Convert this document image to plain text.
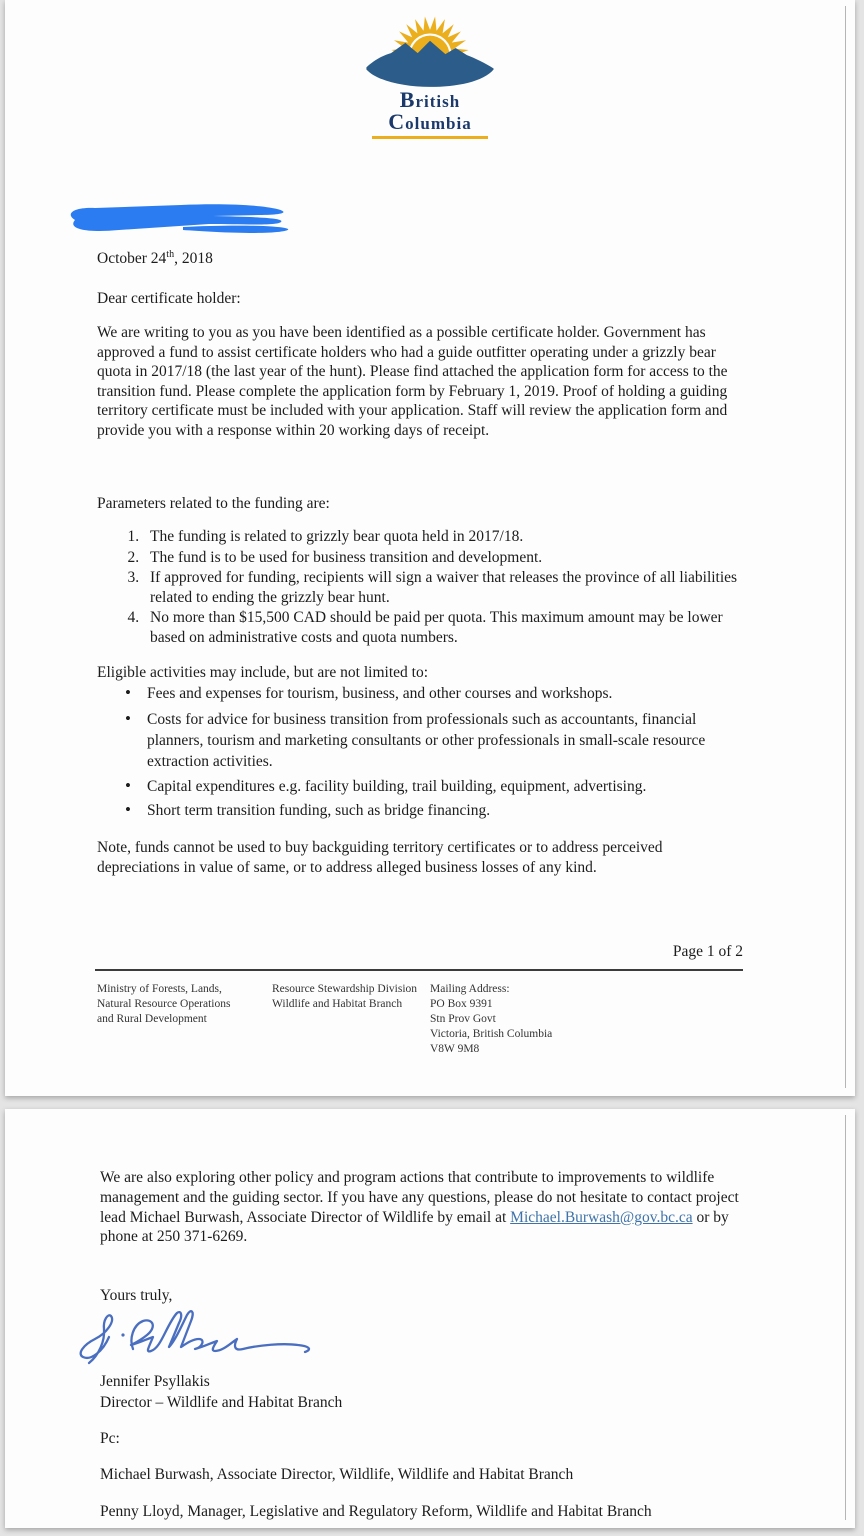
British
Columbia
October 24th, 2018
Dear certificate holder:
We are writing to you as you have been identified as a possible certificate holder. Government has approved a fund to assist certificate holders who had a guide outfitter operating under a grizzly bear quota in 2017/18 (the last year of the hunt). Please find attached the application form for access to the transition fund. Please complete the application form by February 1, 2019. Proof of holding a guiding territory certificate must be included with your application. Staff will review the application form and provide you with a response within 20 working days of receipt.
Parameters related to the funding are:
1. The funding is related to grizzly bear quota held in 2017/18.
2. The fund is to be used for business transition and development.
3. If approved for funding, recipients will sign a waiver that releases the province of all liabilities related to ending the grizzly bear hunt.
4. No more than $15,500 CAD should be paid per quota. This maximum amount may be lower based on administrative costs and quota numbers.
Eligible activities may include, but are not limited to:
• Fees and expenses for tourism, business, and other courses and workshops.
• Costs for advice for business transition from professionals such as accountants, financial planners, tourism and marketing consultants or other professionals in small-scale resource extraction activities.
• Capital expenditures e.g. facility building, trail building, equipment, advertising.
• Short term transition funding, such as bridge financing.
Note, funds cannot be used to buy backguiding territory certificates or to address perceived depreciations in value of same, or to address alleged business losses of any kind.
Page 1 of 2
Ministry of Forests, Lands,
Natural Resource Operations
and Rural Development
Resource Stewardship Division
Wildlife and Habitat Branch
Mailing Address:
PO Box 9391
Stn Prov Govt
Victoria, British Columbia
V8W 9M8
We are also exploring other policy and program actions that contribute to improvements to wildlife management and the guiding sector. If you have any questions, please do not hesitate to contact project lead Michael Burwash, Associate Director of Wildlife by email at Michael.Burwash@gov.bc.ca or by phone at 250 371-6269.
Yours truly,
Jennifer Psyllakis
Director – Wildlife and Habitat Branch
Pc:
Michael Burwash, Associate Director, Wildlife, Wildlife and Habitat Branch
Penny Lloyd, Manager, Legislative and Regulatory Reform, Wildlife and Habitat Branch
